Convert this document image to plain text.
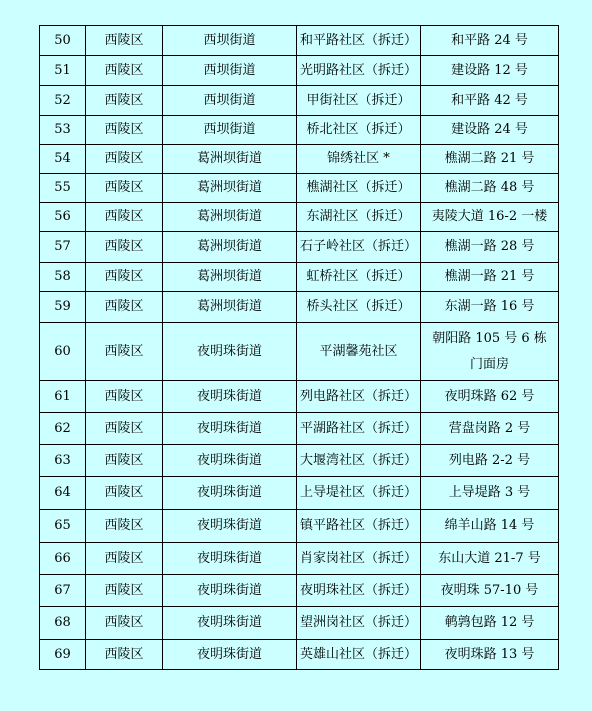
50	西陵区	西坝街道	和平路社区（拆迁）	和平路 24 号
51	西陵区	西坝街道	光明路社区（拆迁）	建设路 12 号
52	西陵区	西坝街道	甲街社区（拆迁）	和平路 42 号
53	西陵区	西坝街道	桥北社区（拆迁）	建设路 24 号
54	西陵区	葛洲坝街道	锦绣社区 *	樵湖二路 21 号
55	西陵区	葛洲坝街道	樵湖社区（拆迁）	樵湖二路 48 号
56	西陵区	葛洲坝街道	东湖社区（拆迁）	夷陵大道 16-2 一楼
57	西陵区	葛洲坝街道	石子岭社区（拆迁）	樵湖一路 28 号
58	西陵区	葛洲坝街道	虹桥社区（拆迁）	樵湖一路 21 号
59	西陵区	葛洲坝街道	桥头社区（拆迁）	东湖一路 16 号
60	西陵区	夜明珠街道	平湖馨苑社区	朝阳路 105 号 6 栋门面房
61	西陵区	夜明珠街道	列电路社区（拆迁）	夜明珠路 62 号
62	西陵区	夜明珠街道	平湖路社区（拆迁）	营盘岗路 2 号
63	西陵区	夜明珠街道	大堰湾社区（拆迁）	列电路 2-2 号
64	西陵区	夜明珠街道	上导堤社区（拆迁）	上导堤路 3 号
65	西陵区	夜明珠街道	镇平路社区（拆迁）	绵羊山路 14 号
66	西陵区	夜明珠街道	肖家岗社区（拆迁）	东山大道 21-7 号
67	西陵区	夜明珠街道	夜明珠社区（拆迁）	夜明珠 57-10 号
68	西陵区	夜明珠街道	望洲岗社区（拆迁）	鹌鹑包路 12 号
69	西陵区	夜明珠街道	英雄山社区（拆迁）	夜明珠路 13 号
